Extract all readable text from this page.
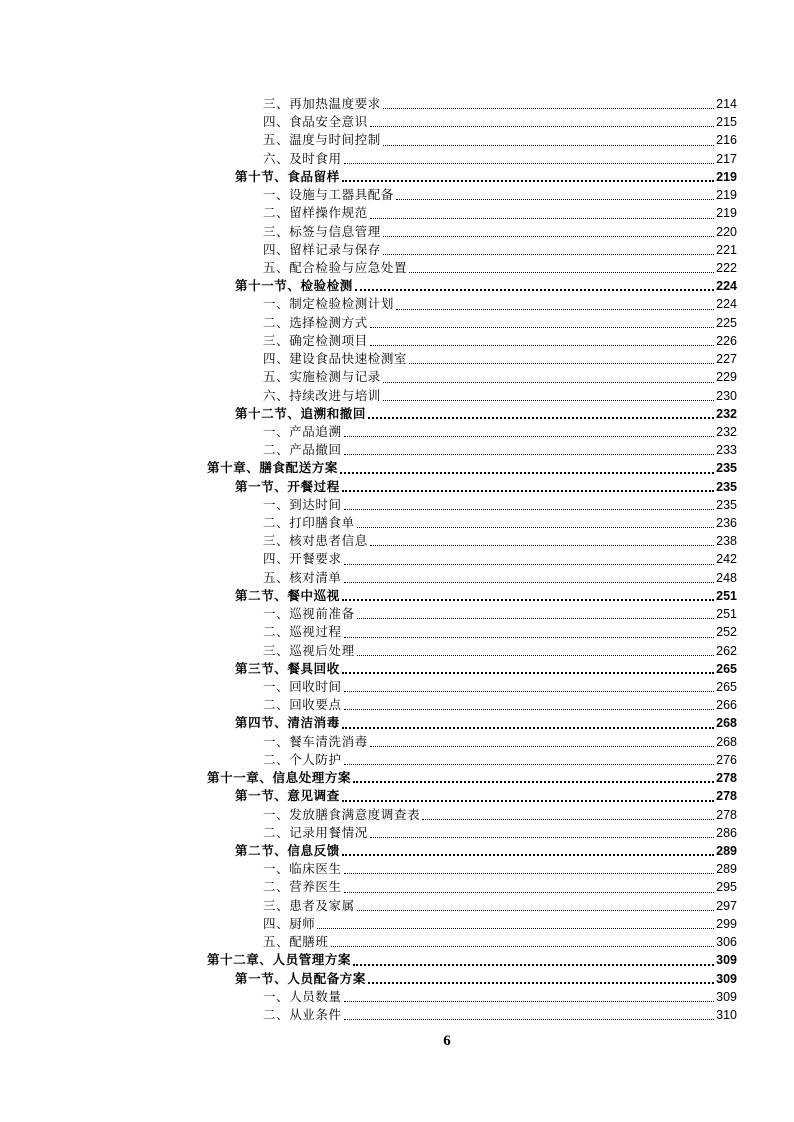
三、再加热温度要求	214
四、食品安全意识	215
五、温度与时间控制	216
六、及时食用	217
第十节、食品留样	219
一、设施与工器具配备	219
二、留样操作规范	219
三、标签与信息管理	220
四、留样记录与保存	221
五、配合检验与应急处置	222
第十一节、检验检测	224
一、制定检验检测计划	224
二、选择检测方式	225
三、确定检测项目	226
四、建设食品快速检测室	227
五、实施检测与记录	229
六、持续改进与培训	230
第十二节、追溯和撤回	232
一、产品追溯	232
二、产品撤回	233
第十章、膳食配送方案	235
第一节、开餐过程	235
一、到达时间	235
二、打印膳食单	236
三、核对患者信息	238
四、开餐要求	242
五、核对清单	248
第二节、餐中巡视	251
一、巡视前准备	251
二、巡视过程	252
三、巡视后处理	262
第三节、餐具回收	265
一、回收时间	265
二、回收要点	266
第四节、清洁消毒	268
一、餐车清洗消毒	268
二、个人防护	276
第十一章、信息处理方案	278
第一节、意见调查	278
一、发放膳食满意度调查表	278
二、记录用餐情况	286
第二节、信息反馈	289
一、临床医生	289
二、营养医生	295
三、患者及家属	297
四、厨师	299
五、配膳班	306
第十二章、人员管理方案	309
第一节、人员配备方案	309
一、人员数量	309
二、从业条件	310
6
